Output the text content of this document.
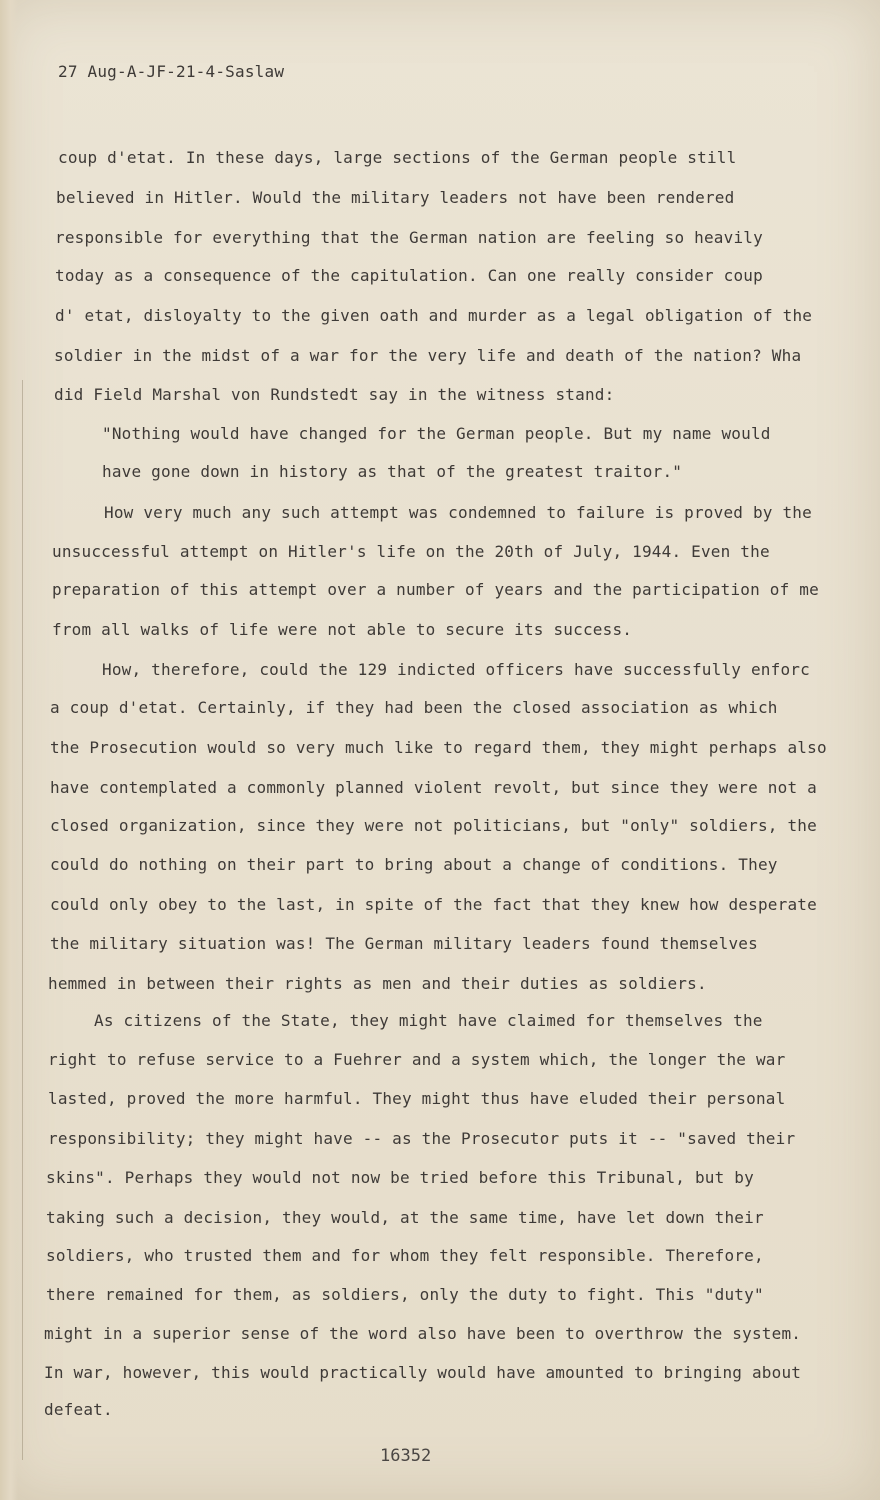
27 Aug-A-JF-21-4-Saslaw
coup d'etat. In these days, large sections of the German people still
believed in Hitler. Would the military leaders not have been rendered
responsible for everything that the German nation are feeling so heavily
today as a consequence of the capitulation. Can one really consider coup
d' etat, disloyalty to the given oath and murder as a legal obligation of the
soldier in the midst of a war for the very life and death of the nation? Wha
did Field Marshal von Rundstedt say in the witness stand:
"Nothing would have changed for the German people. But my name would
have gone down in history as that of the greatest traitor."
How very much any such attempt was condemned to failure is proved by the
unsuccessful attempt on Hitler's life on the 20th of July, 1944. Even the
preparation of this attempt over a number of years and the participation of me
from all walks of life were not able to secure its success.
How, therefore, could the 129 indicted officers have successfully enforc
a coup d'etat. Certainly, if they had been the closed association as which
the Prosecution would so very much like to regard them, they might perhaps also
have contemplated a commonly planned violent revolt, but since they were not a
closed organization, since they were not politicians, but "only" soldiers, the
could do nothing on their part to bring about a change of conditions. They
could only obey to the last, in spite of the fact that they knew how desperate
the military situation was! The German military leaders found themselves
hemmed in between their rights as men and their duties as soldiers.
As citizens of the State, they might have claimed for themselves the
right to refuse service to a Fuehrer and a system which, the longer the war
lasted, proved the more harmful. They might thus have eluded their personal
responsibility; they might have -- as the Prosecutor puts it -- "saved their
skins". Perhaps they would not now be tried before this Tribunal, but by
taking such a decision, they would, at the same time, have let down their
soldiers, who trusted them and for whom they felt responsible. Therefore,
there remained for them, as soldiers, only the duty to fight. This "duty"
might in a superior sense of the word also have been to overthrow the system.
In war, however, this would practically would have amounted to bringing about
defeat.
16352
